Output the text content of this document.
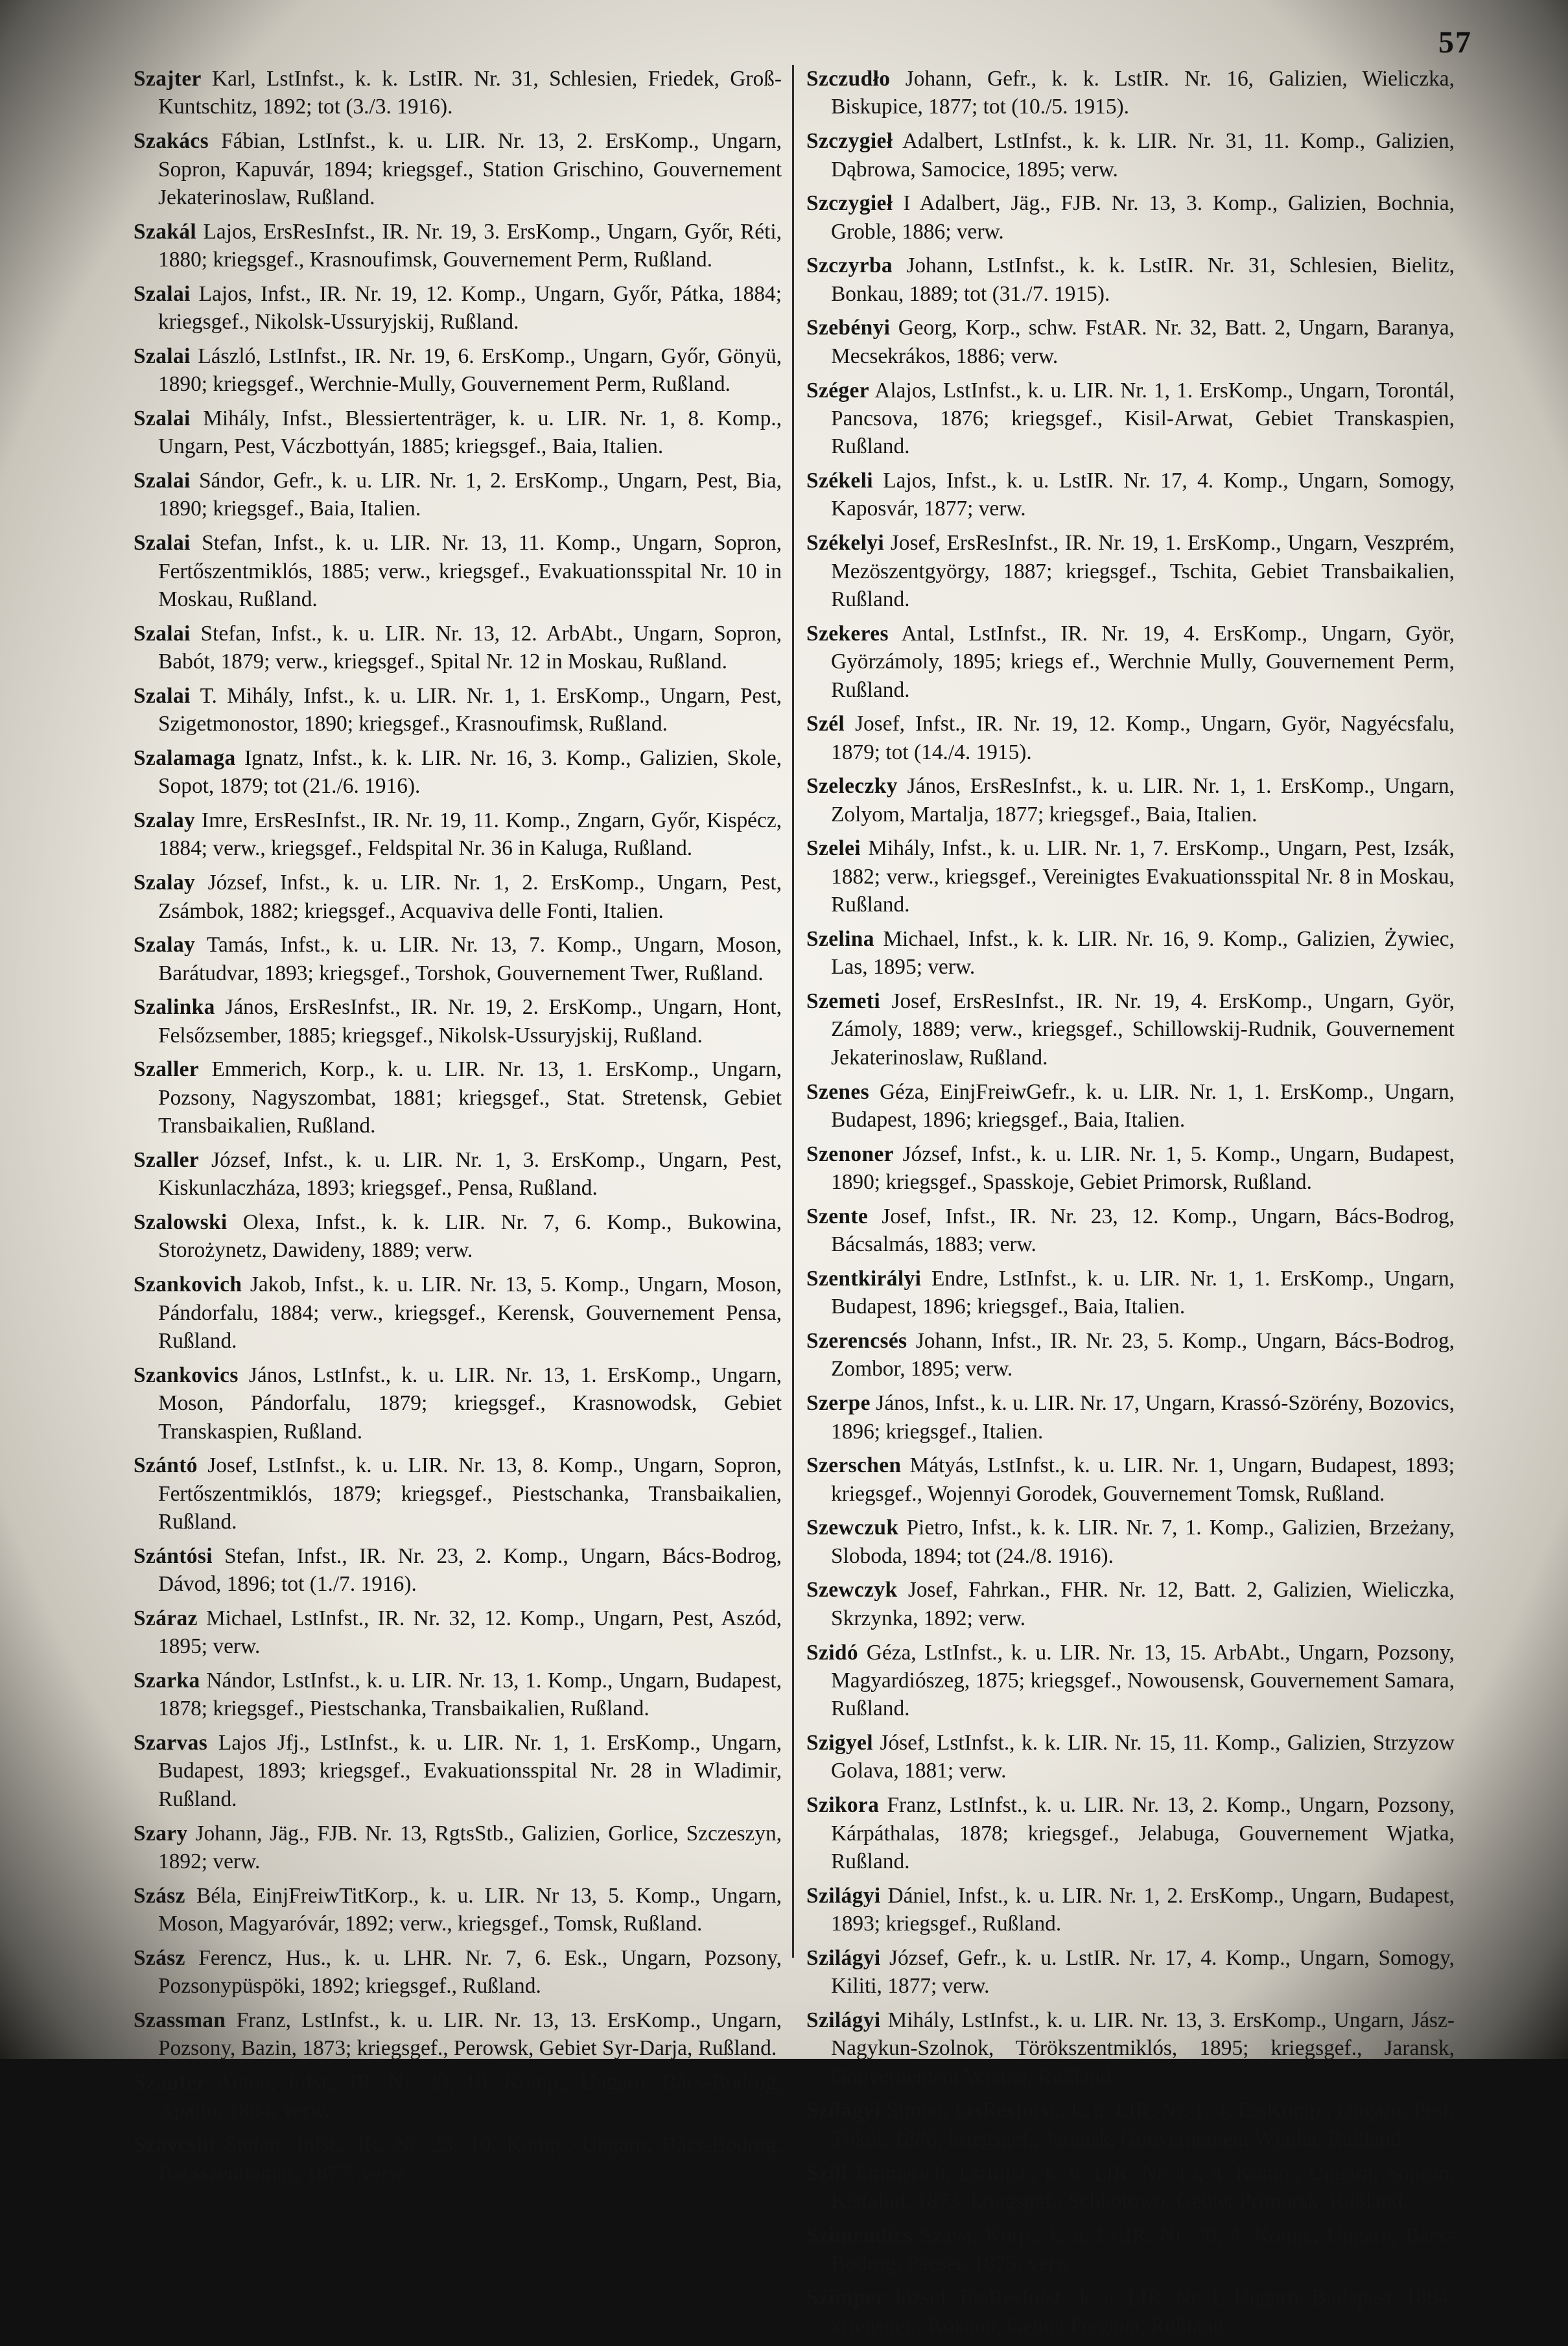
57

Szajter Karl, LstInfst., k. k. LstIR. Nr. 31, Schlesien, Friedek, Groß-Kuntschitz, 1892; tot (3./3. 1916).

Szakács Fábian, LstInfst., k. u. LIR. Nr. 13, 2. ErsKomp., Ungarn, Sopron, Kapuvár, 1894; kriegsgef., Station Grischino, Gouvernement Jekaterinoslaw, Rußland.

Szakál Lajos, ErsResInfst., IR. Nr. 19, 3. ErsKomp., Ungarn, Győr, Réti, 1880; kriegsgef., Krasnoufimsk, Gouvernement Perm, Rußland.

Szalai Lajos, Infst., IR. Nr. 19, 12. Komp., Ungarn, Győr, Pátka, 1884; kriegsgef., Nikolsk-Ussuryjskij, Rußland.

Szalai László, LstInfst., IR. Nr. 19, 6. ErsKomp., Ungarn, Győr, Gönyü, 1890; kriegsgef., Werchnie-Mully, Gouvernement Perm, Rußland.

Szalai Mihály, Infst., Blessiertenträger, k. u. LIR. Nr. 1, 8. Komp., Ungarn, Pest, Váczbottyán, 1885; kriegsgef., Baia, Italien.

Szalai Sándor, Gefr., k. u. LIR. Nr. 1, 2. ErsKomp., Ungarn, Pest, Bia, 1890; kriegsgef., Baia, Italien.

Szalai Stefan, Infst., k. u. LIR. Nr. 13, 11. Komp., Ungarn, Sopron, Fertőszentmiklós, 1885; verw., kriegsgef., Evakuationsspital Nr. 10 in Moskau, Rußland.

Szalai Stefan, Infst., k. u. LIR. Nr. 13, 12. ArbAbt., Ungarn, Sopron, Babót, 1879; verw., kriegsgef., Spital Nr. 12 in Moskau, Rußland.

Szalai T. Mihály, Infst., k. u. LIR. Nr. 1, 1. ErsKomp., Ungarn, Pest, Szigetmonostor, 1890; kriegsgef., Krasnoufimsk, Rußland.

Szalamaga Ignatz, Infst., k. k. LIR. Nr. 16, 3. Komp., Galizien, Skole, Sopot, 1879; tot (21./6. 1916).

Szalay Imre, ErsResInfst., IR. Nr. 19, 11. Komp., Zngarn, Győr, Kispécz, 1884; verw., kriegsgef., Feldspital Nr. 36 in Kaluga, Rußland.

Szalay József, Infst., k. u. LIR. Nr. 1, 2. ErsKomp., Ungarn, Pest, Zsámbok, 1882; kriegsgef., Acquaviva delle Fonti, Italien.

Szalay Tamás, Infst., k. u. LIR. Nr. 13, 7. Komp., Ungarn, Moson, Barátudvar, 1893; kriegsgef., Torshok, Gouvernement Twer, Rußland.

Szalinka János, ErsResInfst., IR. Nr. 19, 2. ErsKomp., Ungarn, Hont, Felsőzsember, 1885; kriegsgef., Nikolsk-Ussuryjskij, Rußland.

Szaller Emmerich, Korp., k. u. LIR. Nr. 13, 1. ErsKomp., Ungarn, Pozsony, Nagyszombat, 1881; kriegsgef., Stat. Stretensk, Gebiet Transbaikalien, Rußland.

Szaller József, Infst., k. u. LIR. Nr. 1, 3. ErsKomp., Ungarn, Pest, Kiskunlaczháza, 1893; kriegsgef., Pensa, Rußland.

Szalowski Olexa, Infst., k. k. LIR. Nr. 7, 6. Komp., Bukowina, Storożynetz, Dawideny, 1889; verw.

Szankovich Jakob, Infst., k. u. LIR. Nr. 13, 5. Komp., Ungarn, Moson, Pándorfalu, 1884; verw., kriegsgef., Kerensk, Gouvernement Pensa, Rußland.

Szankovics János, LstInfst., k. u. LIR. Nr. 13, 1. ErsKomp., Ungarn, Moson, Pándorfalu, 1879; kriegsgef., Krasnowodsk, Gebiet Transkaspien, Rußland.

Szántó Josef, LstInfst., k. u. LIR. Nr. 13, 8. Komp., Ungarn, Sopron, Fertőszentmiklós, 1879; kriegsgef., Piestschanka, Transbaikalien, Rußland.

Szántósi Stefan, Infst., IR. Nr. 23, 2. Komp., Ungarn, Bács-Bodrog, Dávod, 1896; tot (1./7. 1916).

Száraz Michael, LstInfst., IR. Nr. 32, 12. Komp., Ungarn, Pest, Aszód, 1895; verw.

Szarka Nándor, LstInfst., k. u. LIR. Nr. 13, 1. Komp., Ungarn, Budapest, 1878; kriegsgef., Piestschanka, Transbaikalien, Rußland.

Szarvas Lajos Jfj., LstInfst., k. u. LIR. Nr. 1, 1. ErsKomp., Ungarn, Budapest, 1893; kriegsgef., Evakuationsspital Nr. 28 in Wladimir, Rußland.

Szary Johann, Jäg., FJB. Nr. 13, RgtsStb., Galizien, Gorlice, Szczeszyn, 1892; verw.

Szász Béla, EinjFreiwTitKorp., k. u. LIR. Nr 13, 5. Komp., Ungarn, Moson, Magyaróvár, 1892; verw., kriegsgef., Tomsk, Rußland.

Szász Ferencz, Hus., k. u. LHR. Nr. 7, 6. Esk., Ungarn, Pozsony, Pozsonypüspöki, 1892; kriegsgef., Rußland.

Szassman Franz, LstInfst., k. u. LIR. Nr. 13, 13. ErsKomp., Ungarn, Pozsony, Bazin, 1873; kriegsgef., Perowsk, Gebiet Syr-Darja, Rußland.

Szauter Anton, Infst., IR. Nr. 23, 10. Komp., Ungarn, Bács-Bodrog, Apatin, 1884; verw.

Szavcsin Stefan, Infst., IR. Nr. 23, 10. Komp., Ungarn, Bács-Bodrog, Bácsszenttamás, 1877; verw.

Szczudło Johann, Gefr., k. k. LstIR. Nr. 16, Galizien, Wieliczka, Biskupice, 1877; tot (10./5. 1915).

Szczygieł Adalbert, LstInfst., k. k. LIR. Nr. 31, 11. Komp., Galizien, Dąbrowa, Samocice, 1895; verw.

Szczygieł I Adalbert, Jäg., FJB. Nr. 13, 3. Komp., Galizien, Bochnia, Groble, 1886; verw.

Szczyrba Johann, LstInfst., k. k. LstIR. Nr. 31, Schlesien, Bielitz, Bonkau, 1889; tot (31./7. 1915).

Szebényi Georg, Korp., schw. FstAR. Nr. 32, Batt. 2, Ungarn, Baranya, Mecsekrákos, 1886; verw.

Széger Alajos, LstInfst., k. u. LIR. Nr. 1, 1. ErsKomp., Ungarn, Torontál, Pancsova, 1876; kriegsgef., Kisil-Arwat, Gebiet Transkaspien, Rußland.

Székeli Lajos, Infst., k. u. LstIR. Nr. 17, 4. Komp., Ungarn, Somogy, Kaposvár, 1877; verw.

Székelyi Josef, ErsResInfst., IR. Nr. 19, 1. ErsKomp., Ungarn, Veszprém, Mezöszentgyörgy, 1887; kriegsgef., Tschita, Gebiet Transbaikalien, Rußland.

Szekeres Antal, LstInfst., IR. Nr. 19, 4. ErsKomp., Ungarn, Györ, Györzámoly, 1895; kriegs ef., Werchnie Mully, Gouvernement Perm, Rußland.

Szél Josef, Infst., IR. Nr. 19, 12. Komp., Ungarn, Györ, Nagyécsfalu, 1879; tot (14./4. 1915).

Szeleczky János, ErsResInfst., k. u. LIR. Nr. 1, 1. ErsKomp., Ungarn, Zolyom, Martalja, 1877; kriegsgef., Baia, Italien.

Szelei Mihály, Infst., k. u. LIR. Nr. 1, 7. ErsKomp., Ungarn, Pest, Izsák, 1882; verw., kriegsgef., Vereinigtes Evakuationsspital Nr. 8 in Moskau, Rußland.

Szelina Michael, Infst., k. k. LIR. Nr. 16, 9. Komp., Galizien, Żywiec, Las, 1895; verw.

Szemeti Josef, ErsResInfst., IR. Nr. 19, 4. ErsKomp., Ungarn, Györ, Zámoly, 1889; verw., kriegsgef., Schillowskij-Rudnik, Gouvernement Jekaterinoslaw, Rußland.

Szenes Géza, EinjFreiwGefr., k. u. LIR. Nr. 1, 1. ErsKomp., Ungarn, Budapest, 1896; kriegsgef., Baia, Italien.

Szenoner József, Infst., k. u. LIR. Nr. 1, 5. Komp., Ungarn, Budapest, 1890; kriegsgef., Spasskoje, Gebiet Primorsk, Rußland.

Szente Josef, Infst., IR. Nr. 23, 12. Komp., Ungarn, Bács-Bodrog, Bácsalmás, 1883; verw.

Szentkirályi Endre, LstInfst., k. u. LIR. Nr. 1, 1. ErsKomp., Ungarn, Budapest, 1896; kriegsgef., Baia, Italien.

Szerencsés Johann, Infst., IR. Nr. 23, 5. Komp., Ungarn, Bács-Bodrog, Zombor, 1895; verw.

Szerpe János, Infst., k. u. LIR. Nr. 17, Ungarn, Krassó-Szörény, Bozovics, 1896; kriegsgef., Italien.

Szerschen Mátyás, LstInfst., k. u. LIR. Nr. 1, Ungarn, Budapest, 1893; kriegsgef., Wojennyi Gorodek, Gouvernement Tomsk, Rußland.

Szewczuk Pietro, Infst., k. k. LIR. Nr. 7, 1. Komp., Galizien, Brzeżany, Sloboda, 1894; tot (24./8. 1916).

Szewczyk Josef, Fahrkan., FHR. Nr. 12, Batt. 2, Galizien, Wieliczka, Skrzynka, 1892; verw.

Szidó Géza, LstInfst., k. u. LIR. Nr. 13, 15. ArbAbt., Ungarn, Pozsony, Magyardiószeg, 1875; kriegsgef., Nowousensk, Gouvernement Samara, Rußland.

Szigyel Jósef, LstInfst., k. k. LIR. Nr. 15, 11. Komp., Galizien, Strzyzow Golava, 1881; verw.

Szikora Franz, LstInfst., k. u. LIR. Nr. 13, 2. Komp., Ungarn, Pozsony, Kárpáthalas, 1878; kriegsgef., Jelabuga, Gouvernement Wjatka, Rußland.

Szilágyi Dániel, Infst., k. u. LIR. Nr. 1, 2. ErsKomp., Ungarn, Budapest, 1893; kriegsgef., Rußland.

Szilágyi József, Gefr., k. u. LstIR. Nr. 17, 4. Komp., Ungarn, Somogy, Kiliti, 1877; verw.

Szilágyi Mihály, LstInfst., k. u. LIR. Nr. 13, 3. ErsKomp., Ungarn, Jász-Nagykun-Szolnok, Törökszentmiklós, 1895; kriegsgef., Jaransk, Gouvernement Wjatka, Rußland.

Szilágyi Simon, ErsResInfst., k. u. LIR. Nr. 1, 4. ErsKomp., Ungarn, Pest, Tököl, 1886; kriegsgef., Jaransk, Gouvernement Wjatka, Rußland.

Szili Emmerich, LstInfst., k. u. LIR. Nr. 13, 4. Komp., Ungarn, Sopron, Kisfalud, 1873; kriegsgef., Schkotowo, Gebiet Primorsk, Rußland.

Szimendics Száva, Korp., k. u. LstIR. Nr. 30, 4. Komp., Ungarn, Bács-Bodrog, Pacsér, 1875; verw.

Szimper József, ErsResInfst., k. u. LIR. Nr. 1, Ungarn, Budapest, 1884; kriegsgef., Kokand, Gebiet Fergana, Rußland.
